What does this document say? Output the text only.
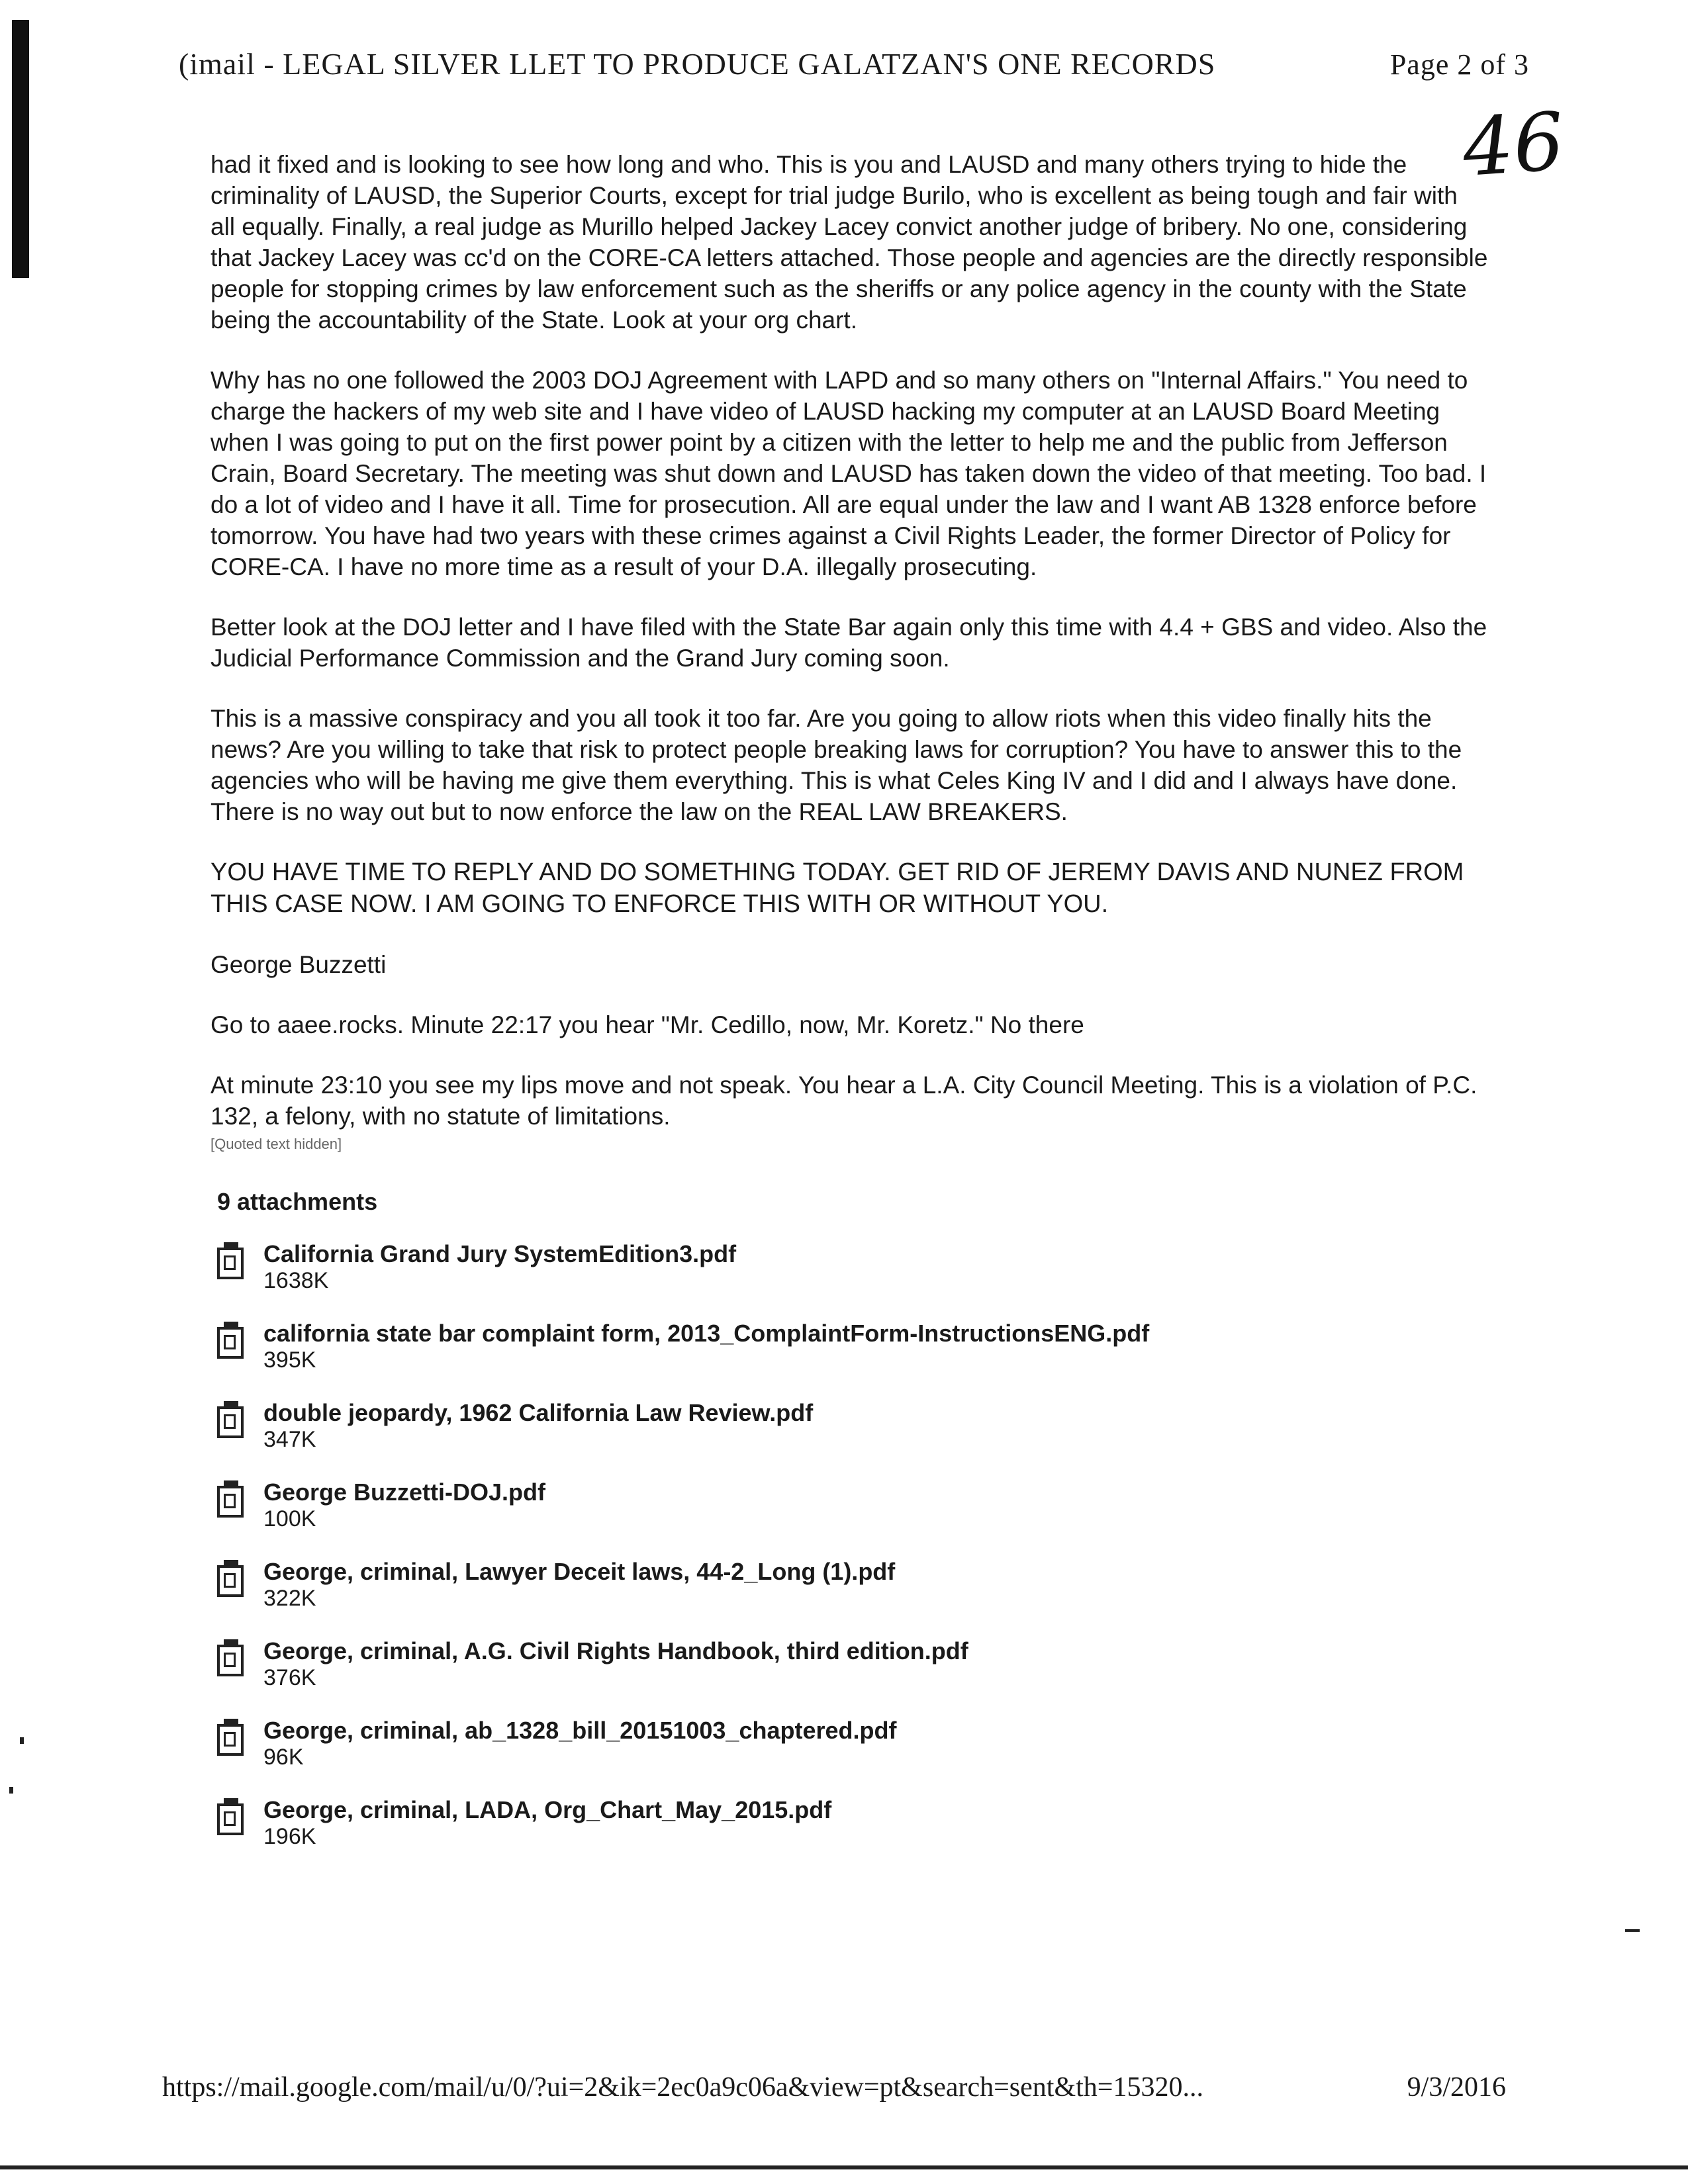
(imail - LEGAL SILVER LLET TO PRODUCE GALATZAN'S ONE RECORDS	Page 2 of 3
46

had it fixed and is looking to see how long and who. This is you and LAUSD and many others trying to hide the criminality of LAUSD, the Superior Courts, except for trial judge Burilo, who is excellent as being tough and fair with all equally. Finally, a real judge as Murillo helped Jackey Lacey convict another judge of bribery. No one, considering that Jackey Lacey was cc'd on the CORE-CA letters attached. Those people and agencies are the directly responsible people for stopping crimes by law enforcement such as the sheriffs or any police agency in the county with the State being the accountability of the State. Look at your org chart.

Why has no one followed the 2003 DOJ Agreement with LAPD and so many others on "Internal Affairs." You need to charge the hackers of my web site and I have video of LAUSD hacking my computer at an LAUSD Board Meeting when I was going to put on the first power point by a citizen with the letter to help me and the public from Jefferson Crain, Board Secretary. The meeting was shut down and LAUSD has taken down the video of that meeting. Too bad. I do a lot of video and I have it all. Time for prosecution. All are equal under the law and I want AB 1328 enforce before tomorrow. You have had two years with these crimes against a Civil Rights Leader, the former Director of Policy for CORE-CA. I have no more time as a result of your D.A. illegally prosecuting.

Better look at the DOJ letter and I have filed with the State Bar again only this time with 4.4 + GBS and video. Also the Judicial Performance Commission and the Grand Jury coming soon.

This is a massive conspiracy and you all took it too far. Are you going to allow riots when this video finally hits the news? Are you willing to take that risk to protect people breaking laws for corruption? You have to answer this to the agencies who will be having me give them everything. This is what Celes King IV and I did and I always have done. There is no way out but to now enforce the law on the REAL LAW BREAKERS.

YOU HAVE TIME TO REPLY AND DO SOMETHING TODAY. GET RID OF JEREMY DAVIS AND NUNEZ FROM THIS CASE NOW. I AM GOING TO ENFORCE THIS WITH OR WITHOUT YOU.

George Buzzetti

Go to aaee.rocks. Minute 22:17 you hear "Mr. Cedillo, now, Mr. Koretz." No there

At minute 23:10 you see my lips move and not speak. You hear a L.A. City Council Meeting. This is a violation of P.C. 132, a felony, with no statute of limitations.

[Quoted text hidden]

9 attachments
California Grand Jury SystemEdition3.pdf
1638K
california state bar complaint form, 2013_ComplaintForm-InstructionsENG.pdf
395K
double jeopardy, 1962 California Law Review.pdf
347K
George Buzzetti-DOJ.pdf
100K
George, criminal, Lawyer Deceit laws, 44-2_Long (1).pdf
322K
George, criminal, A.G. Civil Rights Handbook, third edition.pdf
376K
George, criminal, ab_1328_bill_20151003_chaptered.pdf
96K
George, criminal, LADA, Org_Chart_May_2015.pdf
196K
https://mail.google.com/mail/u/0/?ui=2&ik=2ec0a9c06a&view=pt&search=sent&th=15320...	9/3/2016
